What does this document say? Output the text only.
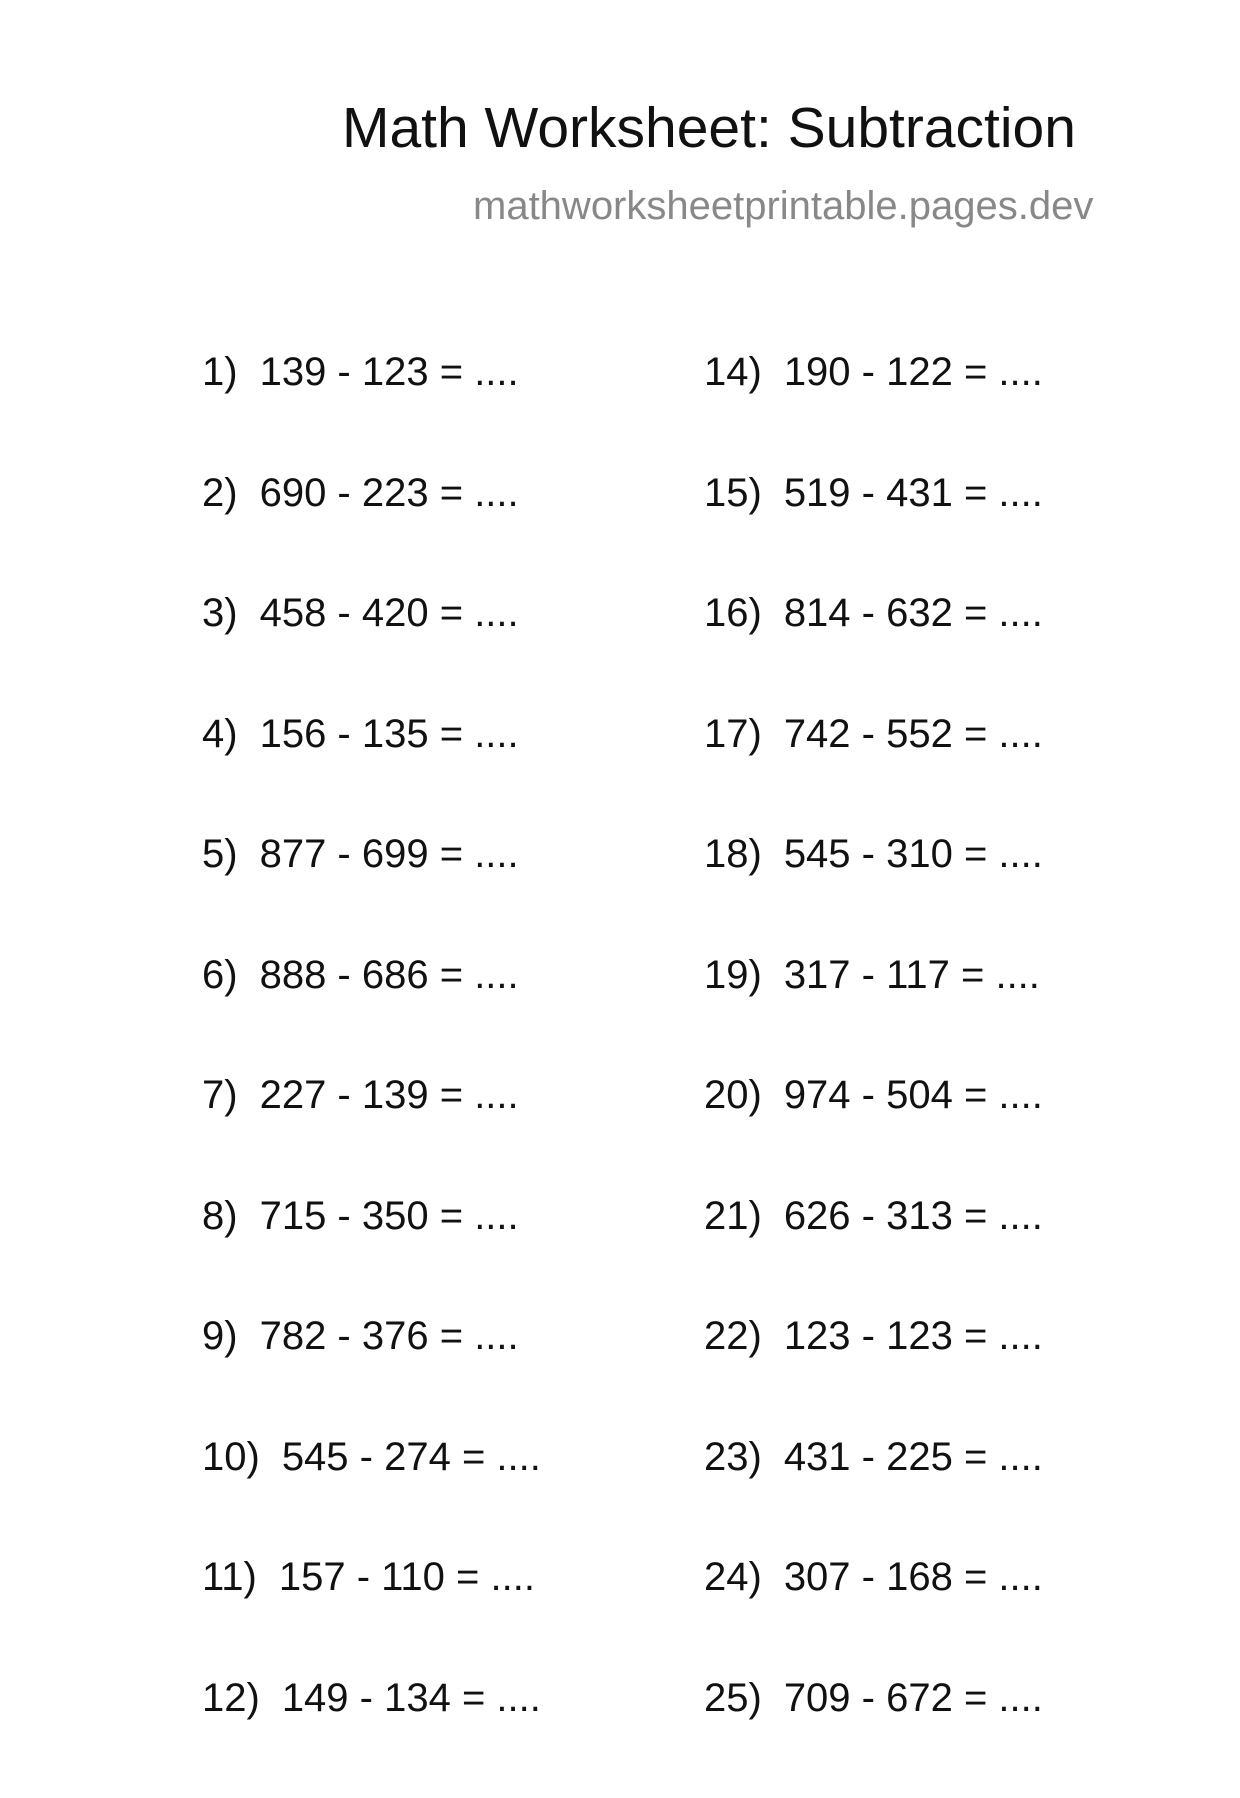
Math Worksheet: Subtraction
mathworksheetprintable.pages.dev
1) 139 - 123 = ....
2) 690 - 223 = ....
3) 458 - 420 = ....
4) 156 - 135 = ....
5) 877 - 699 = ....
6) 888 - 686 = ....
7) 227 - 139 = ....
8) 715 - 350 = ....
9) 782 - 376 = ....
10) 545 - 274 = ....
11) 157 - 110 = ....
12) 149 - 134 = ....
14) 190 - 122 = ....
15) 519 - 431 = ....
16) 814 - 632 = ....
17) 742 - 552 = ....
18) 545 - 310 = ....
19) 317 - 117 = ....
20) 974 - 504 = ....
21) 626 - 313 = ....
22) 123 - 123 = ....
23) 431 - 225 = ....
24) 307 - 168 = ....
25) 709 - 672 = ....
